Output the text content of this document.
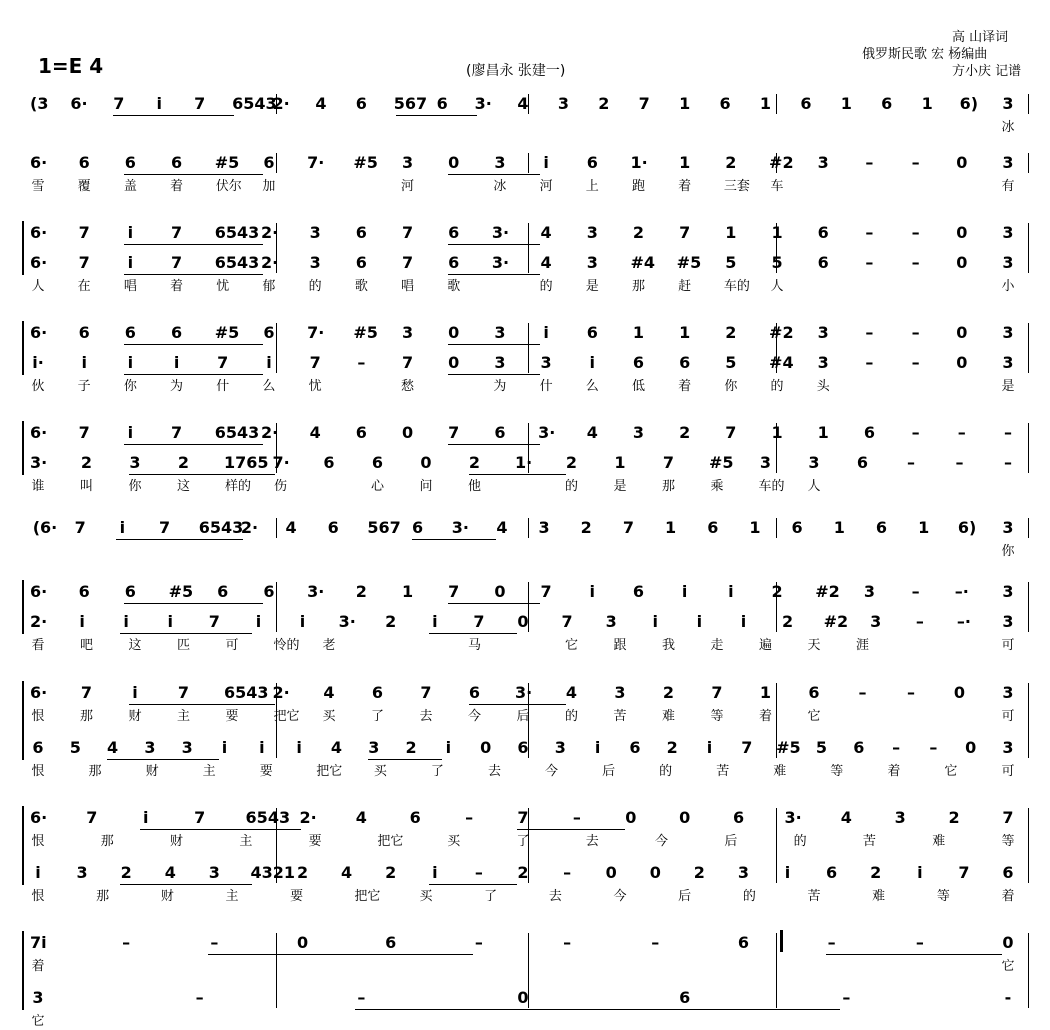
1=E 4	(廖昌永 张建一)
高 山译词
俄罗斯民歌 宏 杨编曲
方小庆 记谱
(3 6· 7	i	7 6543
2· 4 6 567 6 3· 4 3 2 7 1 6 1 6 1 6 1 6) 3
冰
6· 6 6 6 #5 6 7· #5 3 0 3	i	6 1· 1 2 #2 3 – – 0 3
雪	覆	盖	着	伏尔 加	河	冰	河	上	跑	着	三套 车	有
6· 7	i	7 6543 2· 3 6 7 6 3· 4 3 2 7 1 1 6 – – 0 3
6· 7	i	7 6543 2· 3 6 7 6 3· 4 3 #4 #5 5 5 6 – – 0 3
人	在	唱	着	忧	郁	的	歌	唱	歌	的	是	那	赶	车的 人	小
6· 6 6 6 #5 6 7· #5 3 0 3	i	6 1 1 2 #2 3 – – 0 3
i·	i	i	i	7	i	7 – 7 0 3 3	i	6 6 5 #4 3 – – 0 3
伙	子	你	为	什	么	忧	愁	为	什	么	低	着	你	的	头	是
6· 7	i	7 6543 2· 4 6 0 7 6 3· 4 3 2 7 1 1 6 – – –
3· 2 3 2 1765 7· 6 6 0 2 1· 2 1 7 #5 3 3 6 –	–	–
谁	叫	你	这	样的 伤	心	问	他	的	是	那	乘	车的 人
(6· 7	i	7 6543
2· 4 6 567 6 3· 4 3 2 7 1 6 1 6 1 6 1 6) 3
你
6· 6 6 #5 6 6 3· 2 1 7 0 7	i	6	i	i	2 #2 3 – –· 3
2·	i	i	i	7	i	i	3· 2	i	7 0 7 3	i	i	i	2 #2 3 – –· 3
看	吧	这	匹	可	怜的 老	马	它	跟	我	走	遍	天	涯	可
6· 7	i	7 6543 2· 4 6 7 6 3· 4 3 2 7 1 6 –	– 0 3
恨	那	财	主	要	把它 买	了	去	今	后	的	苦	难	等	着	它	可
6 5 4 3 3	i	i	i	4 3 2	i	0 6 3	i	6 2	i	7 #5 5 6 – – 0 3
恨	那	财	主	要	把它 买	了	去	今	后	的	苦	难	等	着	它	可
6· 7	i	7	6543 2· 4	6	–	7	–	0	0	6	3· 4	3	2	7
恨	那	财	主	要	把它	买	了	去	今	后	的	苦	难	等
i	3 2 4 3 4321 2 4 2	i	– 2 – 0 0 2 3	i	6 2	i	7 6
恨	那	财	主	要	把它	买	了	去	今	后	的	苦	难	等	着
7i	–	–	0	6	–	–	–	6	–	–	0
着	它
3	–	–	0	6	–	-
它
